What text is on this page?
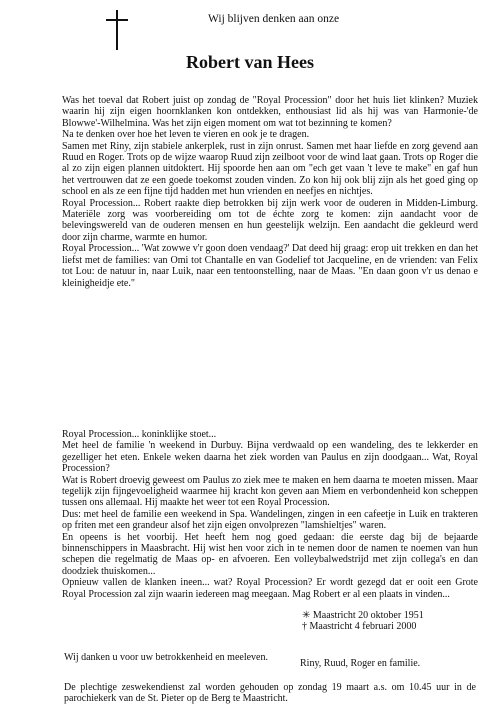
Wij blijven denken aan onze
Robert van Hees

Was het toeval dat Robert juist op zondag de "Royal Procession" door het huis liet klinken? Muziek waarin hij zijn eigen hoornklanken kon ontdekken, enthousiast lid als hij was van Harmonie-'de Blowwe'-Wilhelmina. Was het zijn eigen moment om wat tot bezinning te komen?

Na te denken over hoe het leven te vieren en ook je te dragen.

Samen met Riny, zijn stabiele ankerplek, rust in zijn onrust. Samen met haar liefde en zorg gevend aan Ruud en Roger. Trots op de wijze waarop Ruud zijn zeilboot voor de wind laat gaan. Trots op Roger die al zo zijn eigen plannen uitdoktert. Hij spoorde hen aan om "ech get vaan 't leve te make" en gaf hun het vertrouwen dat ze een goede toekomst zouden vinden. Zo kon hij ook blij zijn als het goed ging op school en als ze een fijne tijd hadden met hun vrienden en neefjes en nichtjes.

Royal Procession... Robert raakte diep betrokken bij zijn werk voor de ouderen in Midden-Limburg. Materiële zorg was voorbereiding om tot de échte zorg te komen: zijn aandacht voor de belevingswereld van de ouderen mensen en hun geestelijk welzijn. Een aandacht die gekleurd werd door zijn charme, warmte en humor.

Royal Procession... 'Wat zowwe v'r goon doen vendaag?' Dat deed hij graag: erop uit trekken en dan het liefst met de families: van Omi tot Chantalle en van Godelief tot Jacqueline, en de vrienden: van Felix tot Lou: de natuur in, naar Luik, naar een tentoonstelling, naar de Maas. "En daan goon v'r us denao e kleinigheidje ete."

Royal Procession... koninklijke stoet...

Met heel de familie 'n weekend in Durbuy. Bijna verdwaald op een wandeling, des te lekkerder en gezelliger het eten. Enkele weken daarna het ziek worden van Paulus en zijn doodgaan... Wat, Royal Procession?

Wat is Robert droevig geweest om Paulus zo ziek mee te maken en hem daarna te moeten missen. Maar tegelijk zijn fijngevoeligheid waarmee hij kracht kon geven aan Miem en verbondenheid kon scheppen tussen ons allemaal. Hij maakte het weer tot een Royal Procession.

Dus: met heel de familie een weekend in Spa. Wandelingen, zingen in een cafeetje in Luik en trakteren op friten met een grandeur alsof het zijn eigen onvolprezen "lamshieltjes" waren.

En opeens is het voorbij. Het heeft hem nog goed gedaan: die eerste dag bij de bejaarde binnenschippers in Maasbracht. Hij wist hen voor zich in te nemen door de namen te noemen van hun schepen die regelmatig de Maas op- en afvoeren. Een volleybalwedstrijd met zijn collega's en dan doodziek thuiskomen...

Opnieuw vallen de klanken ineen... wat? Royal Procession? Er wordt gezegd dat er ooit een Grote Royal Procession zal zijn waarin iedereen mag meegaan. Mag Robert er al een plaats in vinden...

✳ Maastricht 20 oktober 1951
† Maastricht 4 februari 2000
Wij danken u voor uw betrokkenheid en meeleven.
Riny, Ruud, Roger en familie.
De plechtige zeswekendienst zal worden gehouden op zondag 19 maart a.s. om 10.45 uur in de parochiekerk van de St. Pieter op de Berg te Maastricht.
